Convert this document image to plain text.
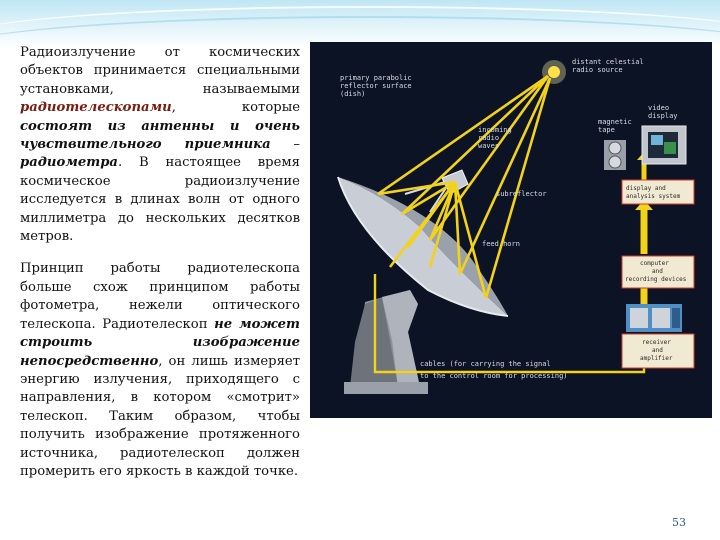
Радиоизлучение от космических объектов принимается специальными установками, называемыми радиотелескопами, которые состоят из антенны и очень чувствительного приемника – радиометра. В настоящее время космическое радиоизлучение исследуется в длинах волн от одного миллиметра до нескольких десятков метров.

Принцип работы радиотелескопа больше схож принципом работы фотометра, нежели оптического телескопа. Радиотелескоп не может строить изображение непосредственно, он лишь измеряет энергию излучения, приходящего с направления, в котором «смотрит» телескоп. Таким образом, чтобы получить изображение протяженного источника, радиотелескоп должен промерить его яркость в каждой точке.

primary parabolic
reflector surface
(dish)
distant celestial
radio source
video
display
magnetic
tape
incoming
radio
waves
subreflector
feed horn
display and
analysis system
computer
and
recording devices
receiver
and
amplifier
cables (for carrying the signal
to the control room for processing)
53
